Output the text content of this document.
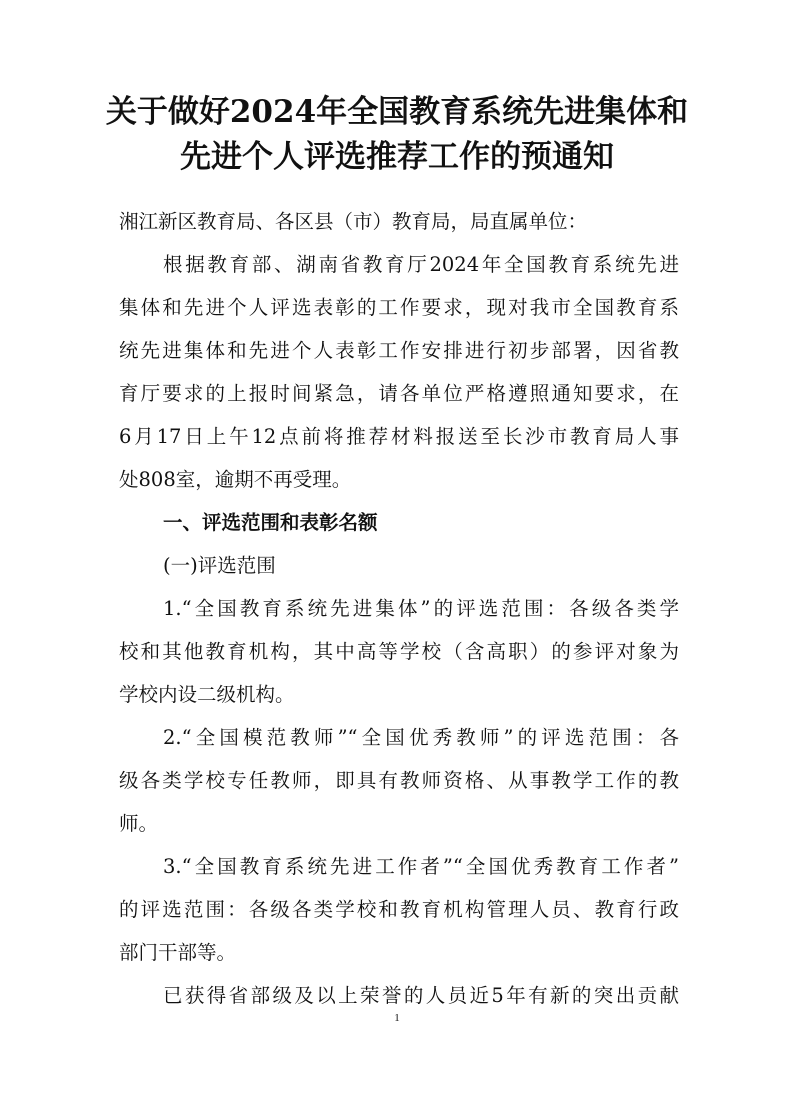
关于做好2024年全国教育系统先进集体和
先进个人评选推荐工作的预通知
湘江新区教育局、各区县（市）教育局，局直属单位：
根据教育部、湖南省教育厅2024年全国教育系统先进
集体和先进个人评选表彰的工作要求，现对我市全国教育系
统先进集体和先进个人表彰工作安排进行初步部署，因省教
育厅要求的上报时间紧急，请各单位严格遵照通知要求，在
6月17日上午12点前将推荐材料报送至长沙市教育局人事
处808室，逾期不再受理。
一、评选范围和表彰名额
(一)评选范围
1.“全国教育系统先进集体”的评选范围：各级各类学
校和其他教育机构，其中高等学校（含高职）的参评对象为
学校内设二级机构。
2.“全国模范教师”“全国优秀教师”的评选范围：各
级各类学校专任教师，即具有教师资格、从事教学工作的教
师。
3.“全国教育系统先进工作者”“全国优秀教育工作者”
的评选范围：各级各类学校和教育机构管理人员、教育行政
部门干部等。
已获得省部级及以上荣誉的人员近5年有新的突出贡献
1
